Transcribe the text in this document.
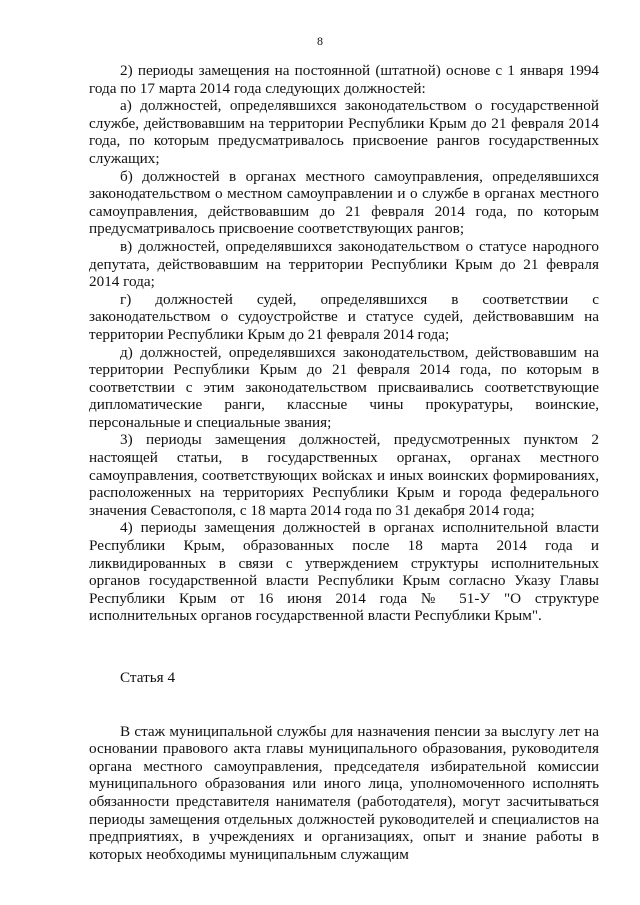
8

2) периоды замещения на постоянной (штатной) основе с 1 января 1994 года по 17 марта 2014 года следующих должностей:

а) должностей, определявшихся законодательством о государственной службе, действовавшим на территории Республики Крым до 21 февраля 2014 года, по которым предусматривалось присвоение рангов государственных служащих;

б) должностей в органах местного самоуправления, определявшихся законодательством о местном самоуправлении и о службе в органах местного самоуправления, действовавшим до 21 февраля 2014 года, по которым предусматривалось присвоение соответствующих рангов;

в) должностей, определявшихся законодательством о статусе народного депутата, действовавшим на территории Республики Крым до 21 февраля 2014 года;

г) должностей судей, определявшихся в соответствии с законодательством о судоустройстве и статусе судей, действовавшим на территории Республики Крым до 21 февраля 2014 года;

д) должностей, определявшихся законодательством, действовавшим на территории Республики Крым до 21 февраля 2014 года, по которым в соответствии с этим законодательством присваивались соответствующие дипломатические ранги, классные чины прокуратуры, воинские, персональные и специальные звания;

3) периоды замещения должностей, предусмотренных пунктом 2 настоящей статьи, в государственных органах, органах местного самоуправления, соответствующих войсках и иных воинских формированиях, расположенных на территориях Республики Крым и города федерального значения Севастополя, с 18 марта 2014 года по 31 декабря 2014 года;

4) периоды замещения должностей в органах исполнительной власти Республики Крым, образованных после 18 марта 2014 года и ликвидированных в связи с утверждением структуры исполнительных органов государственной власти Республики Крым согласно Указу Главы Республики Крым от 16 июня 2014 года № 51-У "О структуре исполнительных органов государственной власти Республики Крым".

Статья 4

В стаж муниципальной службы для назначения пенсии за выслугу лет на основании правового акта главы муниципального образования, руководителя органа местного самоуправления, председателя избирательной комиссии муниципального образования или иного лица, уполномоченного исполнять обязанности представителя нанимателя (работодателя), могут засчитываться периоды замещения отдельных должностей руководителей и специалистов на предприятиях, в учреждениях и организациях, опыт и знание работы в которых необходимы муниципальным служащим
